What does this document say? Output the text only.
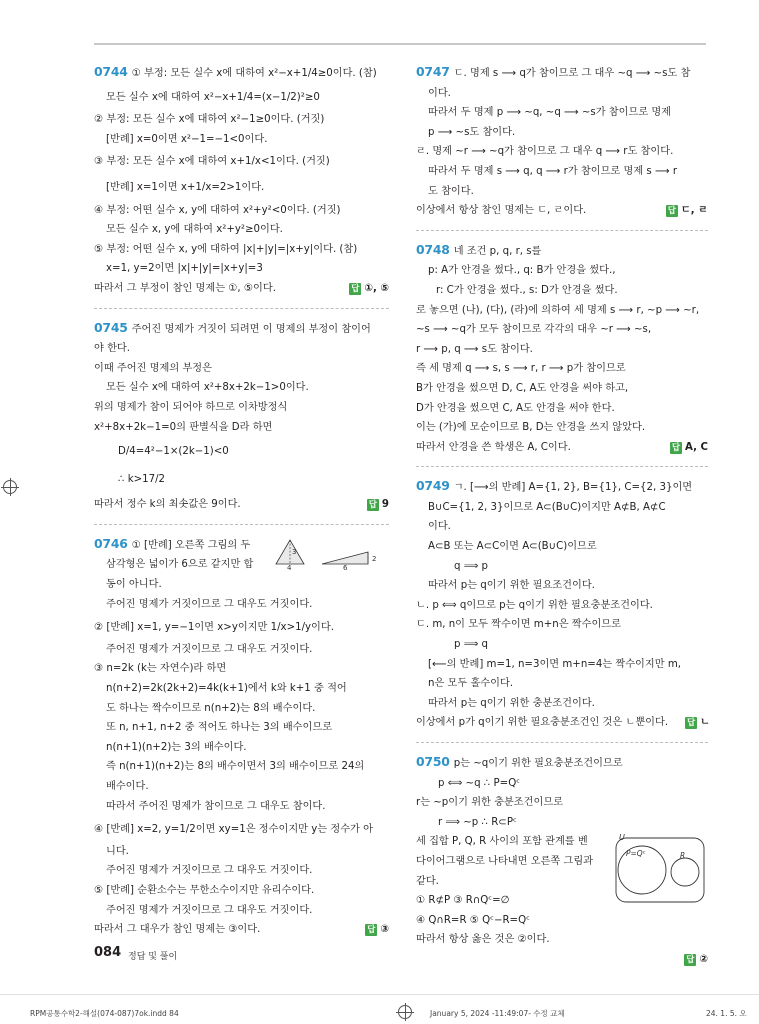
0744 ① 부정: 모든 실수 x에 대하여 x²−x+1/4≥0이다. (참)
모든 실수 x에 대하여 x²−x+1/4=(x−1/2)²≥0
② 부정: 모든 실수 x에 대하여 x²−1≥0이다. (거짓)
[반례] x=0이면 x²−1=−1<0이다.
③ 부정: 모든 실수 x에 대하여 x+1/x<1이다. (거짓)
[반례] x=1이면 x+1/x=2>1이다.
④ 부정: 어떤 실수 x, y에 대하여 x²+y²<0이다. (거짓)
모든 실수 x, y에 대하여 x²+y²≥0이다.
⑤ 부정: 어떤 실수 x, y에 대하여 |x|+|y|=|x+y|이다. (참)
x=1, y=2이면 |x|+|y|=|x+y|=3
따라서 그 부정이 참인 명제는 ①, ⑤이다.	답 ①, ⑤
0745 주어진 명제가 거짓이 되려면 이 명제의 부정이 참이어
야 한다.
이때 주어진 명제의 부정은
모든 실수 x에 대하여 x²+8x+2k−1>0이다.
위의 명제가 참이 되어야 하므로 이차방정식
x²+8x+2k−1=0의 판별식을 D라 하면
D/4=4²−1×(2k−1)<0
∴ k>17/2
따라서 정수 k의 최솟값은 9이다.	답 9
0746 ① [반례] 오른쪽 그림의 두
3
4
2
6
삼각형은 넓이가 6으로 같지만 합
동이 아니다.
주어진 명제가 거짓이므로 그 대우도 거짓이다.
② [반례] x=1, y=−1이면 x>y이지만 1/x>1/y이다.
주어진 명제가 거짓이므로 그 대우도 거짓이다.
③ n=2k (k는 자연수)라 하면
n(n+2)=2k(2k+2)=4k(k+1)에서 k와 k+1 중 적어
도 하나는 짝수이므로 n(n+2)는 8의 배수이다.
또 n, n+1, n+2 중 적어도 하나는 3의 배수이므로
n(n+1)(n+2)는 3의 배수이다.
즉 n(n+1)(n+2)는 8의 배수이면서 3의 배수이므로 24의
배수이다.
따라서 주어진 명제가 참이므로 그 대우도 참이다.
④ [반례] x=2, y=1/2이면 xy=1은 정수이지만 y는 정수가 아
니다.
주어진 명제가 거짓이므로 그 대우도 거짓이다.
⑤ [반례] 순환소수는 무한소수이지만 유리수이다.
주어진 명제가 거짓이므로 그 대우도 거짓이다.
따라서 그 대우가 참인 명제는 ③이다.	답 ③
0747 ㄷ. 명제 s ⟶ q가 참이므로 그 대우 ~q ⟶ ~s도 참
이다.
따라서 두 명제 p ⟶ ~q, ~q ⟶ ~s가 참이므로 명제
p ⟶ ~s도 참이다.
ㄹ. 명제 ~r ⟶ ~q가 참이므로 그 대우 q ⟶ r도 참이다.
따라서 두 명제 s ⟶ q, q ⟶ r가 참이므로 명제 s ⟶ r
도 참이다.
이상에서 항상 참인 명제는 ㄷ, ㄹ이다.	답 ㄷ, ㄹ
0748 네 조건 p, q, r, s를
p: A가 안경을 썼다., q: B가 안경을 썼다.,
r: C가 안경을 썼다., s: D가 안경을 썼다.
로 놓으면 (나), (다), (라)에 의하여 세 명제 s ⟶ r, ~p ⟶ ~r,
~s ⟶ ~q가 모두 참이므로 각각의 대우 ~r ⟶ ~s,
r ⟶ p, q ⟶ s도 참이다.
즉 세 명제 q ⟶ s, s ⟶ r, r ⟶ p가 참이므로
B가 안경을 썼으면 D, C, A도 안경을 써야 하고,
D가 안경을 썼으면 C, A도 안경을 써야 한다.
이는 (가)에 모순이므로 B, D는 안경을 쓰지 않았다.
따라서 안경을 쓴 학생은 A, C이다.	답 A, C
0749 ㄱ. [⟶의 반례] A={1, 2}, B={1}, C={2, 3}이면
B∪C={1, 2, 3}이므로 A⊂(B∪C)이지만 A⊄B, A⊄C
이다.
A⊂B 또는 A⊂C이면 A⊂(B∪C)이므로
q ⟹ p
따라서 p는 q이기 위한 필요조건이다.
ㄴ. p ⟺ q이므로 p는 q이기 위한 필요충분조건이다.
ㄷ. m, n이 모두 짝수이면 m+n은 짝수이므로
p ⟹ q
[⟵의 반례] m=1, n=3이면 m+n=4는 짝수이지만 m,
n은 모두 홀수이다.
따라서 p는 q이기 위한 충분조건이다.
이상에서 p가 q이기 위한 필요충분조건인 것은 ㄴ뿐이다. 답 ㄴ
0750 p는 ~q이기 위한 필요충분조건이므로
p ⟺ ~q ∴ P=Qᶜ
r는 ~p이기 위한 충분조건이므로
r ⟹ ~p ∴ R⊂Pᶜ
세 집합 P, Q, R 사이의 포함 관계를 벤
다이어그램으로 나타내면 오른쪽 그림과
같다.
① R⊄P ③ R∩Qᶜ=∅
④ Q∩R=R ⑤ Qᶜ−R=Qᶜ
따라서 항상 옳은 것은 ②이다.
답 ②
U
P=Qᶜ	R
084 정답 및 풀이
RPM공통수학2-해설(074-087)7ok.indd 84	January 5, 2024 -11:49:07- 수정 교체	24. 1. 5. 오
